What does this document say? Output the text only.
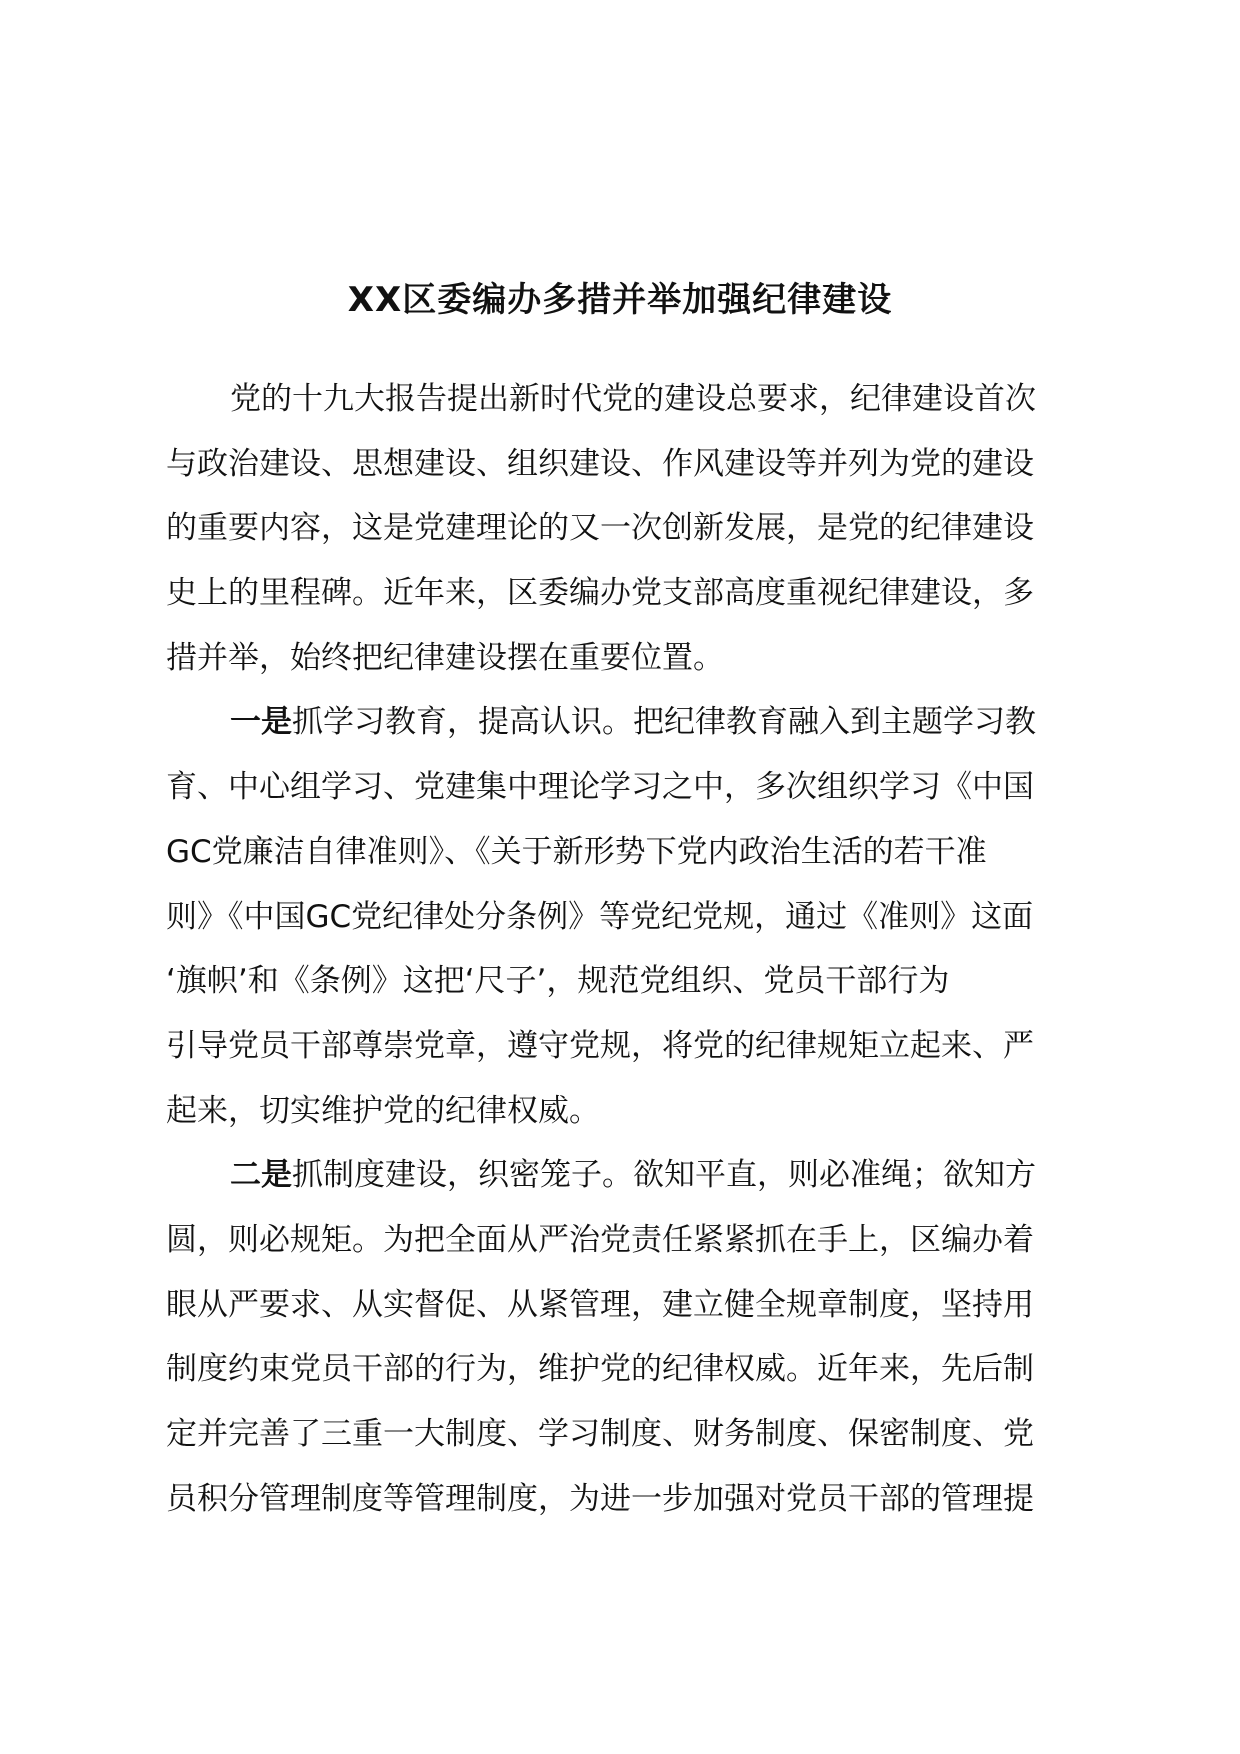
XX区委编办多措并举加强纪律建设
党的十九大报告提出新时代党的建设总要求，纪律建设首次
与政治建设、思想建设、组织建设、作风建设等并列为党的建设
的重要内容，这是党建理论的又一次创新发展，是党的纪律建设
史上的里程碑。近年来，区委编办党支部高度重视纪律建设，多
措并举，始终把纪律建设摆在重要位置。
一是抓学习教育，提高认识。把纪律教育融入到主题学习教
育、中心组学习、党建集中理论学习之中，多次组织学习《中国
GC党廉洁自律准则》、《关于新形势下党内政治生活的若干准
则》《中国GC党纪律处分条例》等党纪党规，通过《准则》这面
‘旗帜’和《条例》这把‘尺子’，规范党组织、党员干部行为
引导党员干部尊崇党章，遵守党规，将党的纪律规矩立起来、严
起来，切实维护党的纪律权威。
二是抓制度建设，织密笼子。欲知平直，则必准绳；欲知方
圆，则必规矩。为把全面从严治党责任紧紧抓在手上，区编办着
眼从严要求、从实督促、从紧管理，建立健全规章制度，坚持用
制度约束党员干部的行为，维护党的纪律权威。近年来，先后制
定并完善了三重一大制度、学习制度、财务制度、保密制度、党
员积分管理制度等管理制度，为进一步加强对党员干部的管理提
